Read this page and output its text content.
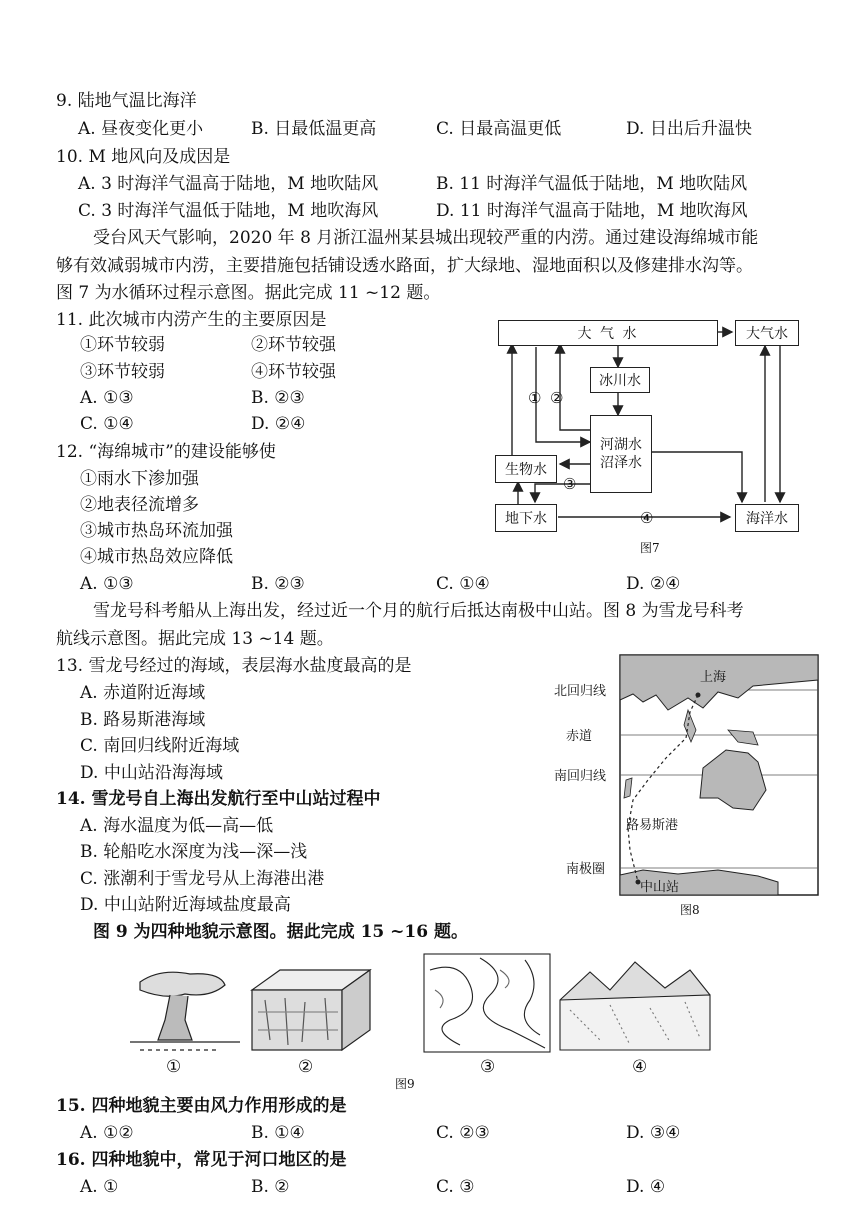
9. 陆地气温比海洋
A. 昼夜变化更小	B. 日最低温更高	C. 日最高温更低	D. 日出后升温快
10. M 地风向及成因是
A. 3 时海洋气温高于陆地，M 地吹陆风	B. 11 时海洋气温低于陆地，M 地吹陆风
C. 3 时海洋气温低于陆地，M 地吹海风	D. 11 时海洋气温高于陆地，M 地吹海风
受台风天气影响，2020 年 8 月浙江温州某县城出现较严重的内涝。通过建设海绵城市能
够有效减弱城市内涝，主要措施包括铺设透水路面，扩大绿地、湿地面积以及修建排水沟等。
图 7 为水循环过程示意图。据此完成 11 ~12 题。
11. 此次城市内涝产生的主要原因是
①环节较弱	②环节较强
③环节较弱	④环节较强
A. ①③	B. ②③
C. ①④	D. ②④
12. “海绵城市”的建设能够使
①雨水下渗加强
②地表径流增多
③城市热岛环流加强
④城市热岛效应降低
A. ①③	B. ②③	C. ①④	D. ②④
大 气 水	大气水
冰川水
河湖水
沼泽水
生物水
地下水	海洋水
① ②
③
④
图7
雪龙号科考船从上海出发，经过近一个月的航行后抵达南极中山站。图 8 为雪龙号科考
航线示意图。据此完成 13 ~14 题。
13. 雪龙号经过的海域，表层海水盐度最高的是
A. 赤道附近海域
B. 路易斯港海域
C. 南回归线附近海域
D. 中山站沿海海域
14. 雪龙号自上海出发航行至中山站过程中
A. 海水温度为低—高—低
B. 轮船吃水深度为浅—深—浅
C. 涨潮利于雪龙号从上海港出港
D. 中山站附近海域盐度最高
上海
北回归线
赤道
南回归线
路易斯港
南极圈
中山站
图8
图 9 为四种地貌示意图。据此完成 15 ~16 题。
①	②	③	④
图9
15. 四种地貌主要由风力作用形成的是
A. ①②	B. ①④	C. ②③	D. ③④
16. 四种地貌中，常见于河口地区的是
A. ①	B. ②	C. ③	D. ④
